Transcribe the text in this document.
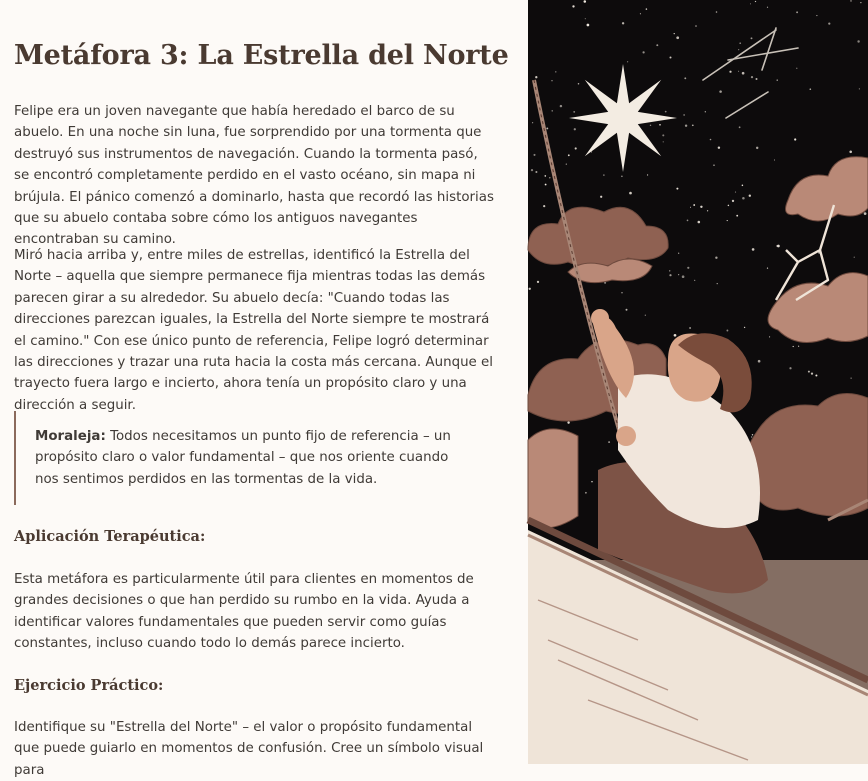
Metáfora 3: La Estrella del Norte

Felipe era un joven navegante que había heredado el barco de su abuelo. En una noche sin luna, fue sorprendido por una tormenta que destruyó sus instrumentos de navegación. Cuando la tormenta pasó, se encontró completamente perdido en el vasto océano, sin mapa ni brújula. El pánico comenzó a dominarlo, hasta que recordó las historias que su abuelo contaba sobre cómo los antiguos navegantes encontraban su camino.

Miró hacia arriba y, entre miles de estrellas, identificó la Estrella del Norte – aquella que siempre permanece fija mientras todas las demás parecen girar a su alrededor. Su abuelo decía: "Cuando todas las direcciones parezcan iguales, la Estrella del Norte siempre te mostrará el camino." Con ese único punto de referencia, Felipe logró determinar las direcciones y trazar una ruta hacia la costa más cercana. Aunque el trayecto fuera largo e incierto, ahora tenía un propósito claro y una dirección a seguir.

Moraleja: Todos necesitamos un punto fijo de referencia – un propósito claro o valor fundamental – que nos oriente cuando nos sentimos perdidos en las tormentas de la vida.

Aplicación Terapéutica:

Esta metáfora es particularmente útil para clientes en momentos de grandes decisiones o que han perdido su rumbo en la vida. Ayuda a identificar valores fundamentales que pueden servir como guías constantes, incluso cuando todo lo demás parece incierto.

Ejercicio Práctico:

Identifique su "Estrella del Norte" – el valor o propósito fundamental que puede guiarlo en momentos de confusión. Cree un símbolo visual para
